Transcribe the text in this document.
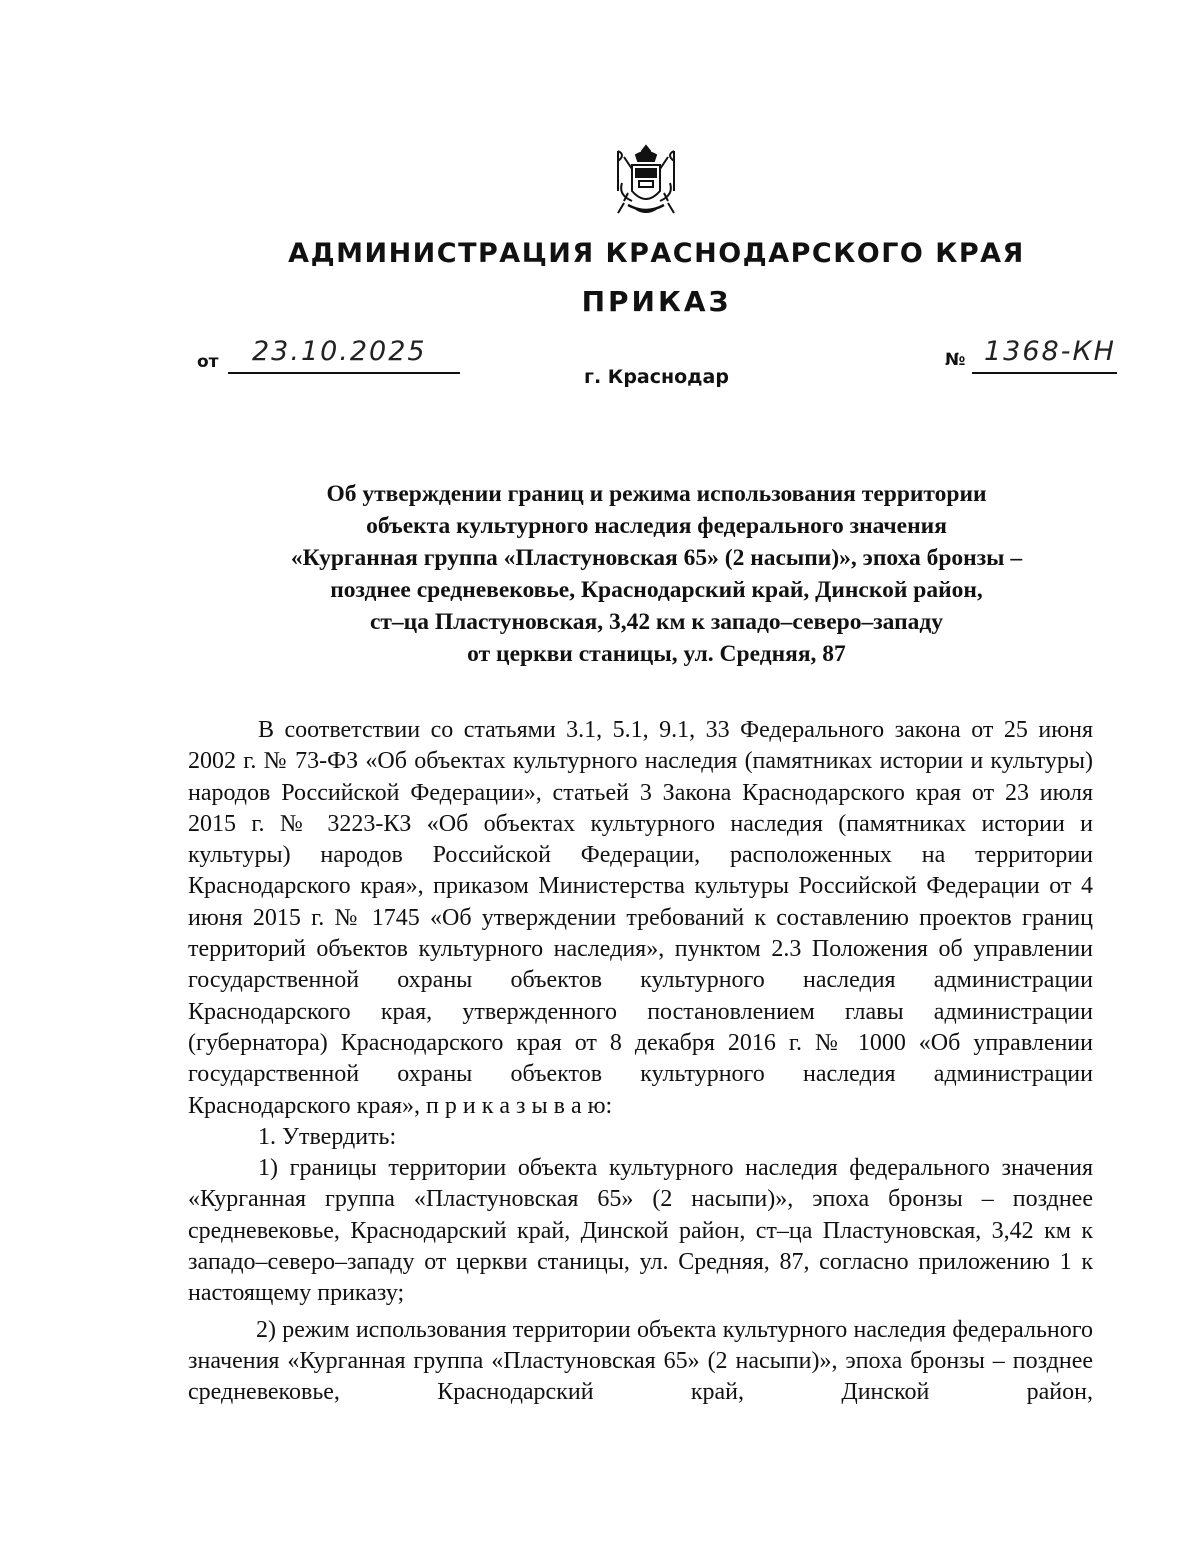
АДМИНИСТРАЦИЯ КРАСНОДАРСКОГО КРАЯ
ПРИКАЗ
от 23.10.2025	№ 1368-КН
г. Краснодар
Об утверждении границ и режима использования территории
объекта культурного наследия федерального значения
«Курганная группа «Пластуновская 65» (2 насыпи)», эпоха бронзы –
позднее средневековье, Краснодарский край, Динской район,
ст–ца Пластуновская, 3,42 км к западо–северо–западу
от церкви станицы, ул. Средняя, 87

В соответствии со статьями 3.1, 5.1, 9.1, 33 Федерального закона от 25 июня 2002 г. № 73-ФЗ «Об объектах культурного наследия (памятниках истории и культуры) народов Российской Федерации», статьей 3 Закона Краснодарского края от 23 июля 2015 г. № 3223-КЗ «Об объектах культурного наследия (памятниках истории и культуры) народов Российской Федерации, расположенных на территории Краснодарского края», приказом Министерства культуры Российской Федерации от 4 июня 2015 г. № 1745 «Об утверждении требований к составлению проектов границ территорий объектов культурного наследия», пунктом 2.3 Положения об управлении государственной охраны объектов культурного наследия администрации Краснодарского края, утвержденного постановлением главы администрации (губернатора) Краснодарского края от 8 декабря 2016 г. № 1000 «Об управлении государственной охраны объектов культурного наследия администрации Краснодарского края», п р и к а з ы в а ю:

1. Утвердить:

1) границы территории объекта культурного наследия федерального значения «Курганная группа «Пластуновская 65» (2 насыпи)», эпоха бронзы – позднее средневековье, Краснодарский край, Динской район, ст–ца Пластуновская, 3,42 км к западо–северо–западу от церкви станицы, ул. Средняя, 87, согласно приложению 1 к настоящему приказу;

2) режим использования территории объекта культурного наследия федерального значения «Курганная группа «Пластуновская 65» (2 насыпи)», эпоха бронзы – позднее средневековье, Краснодарский край, Динской район,
